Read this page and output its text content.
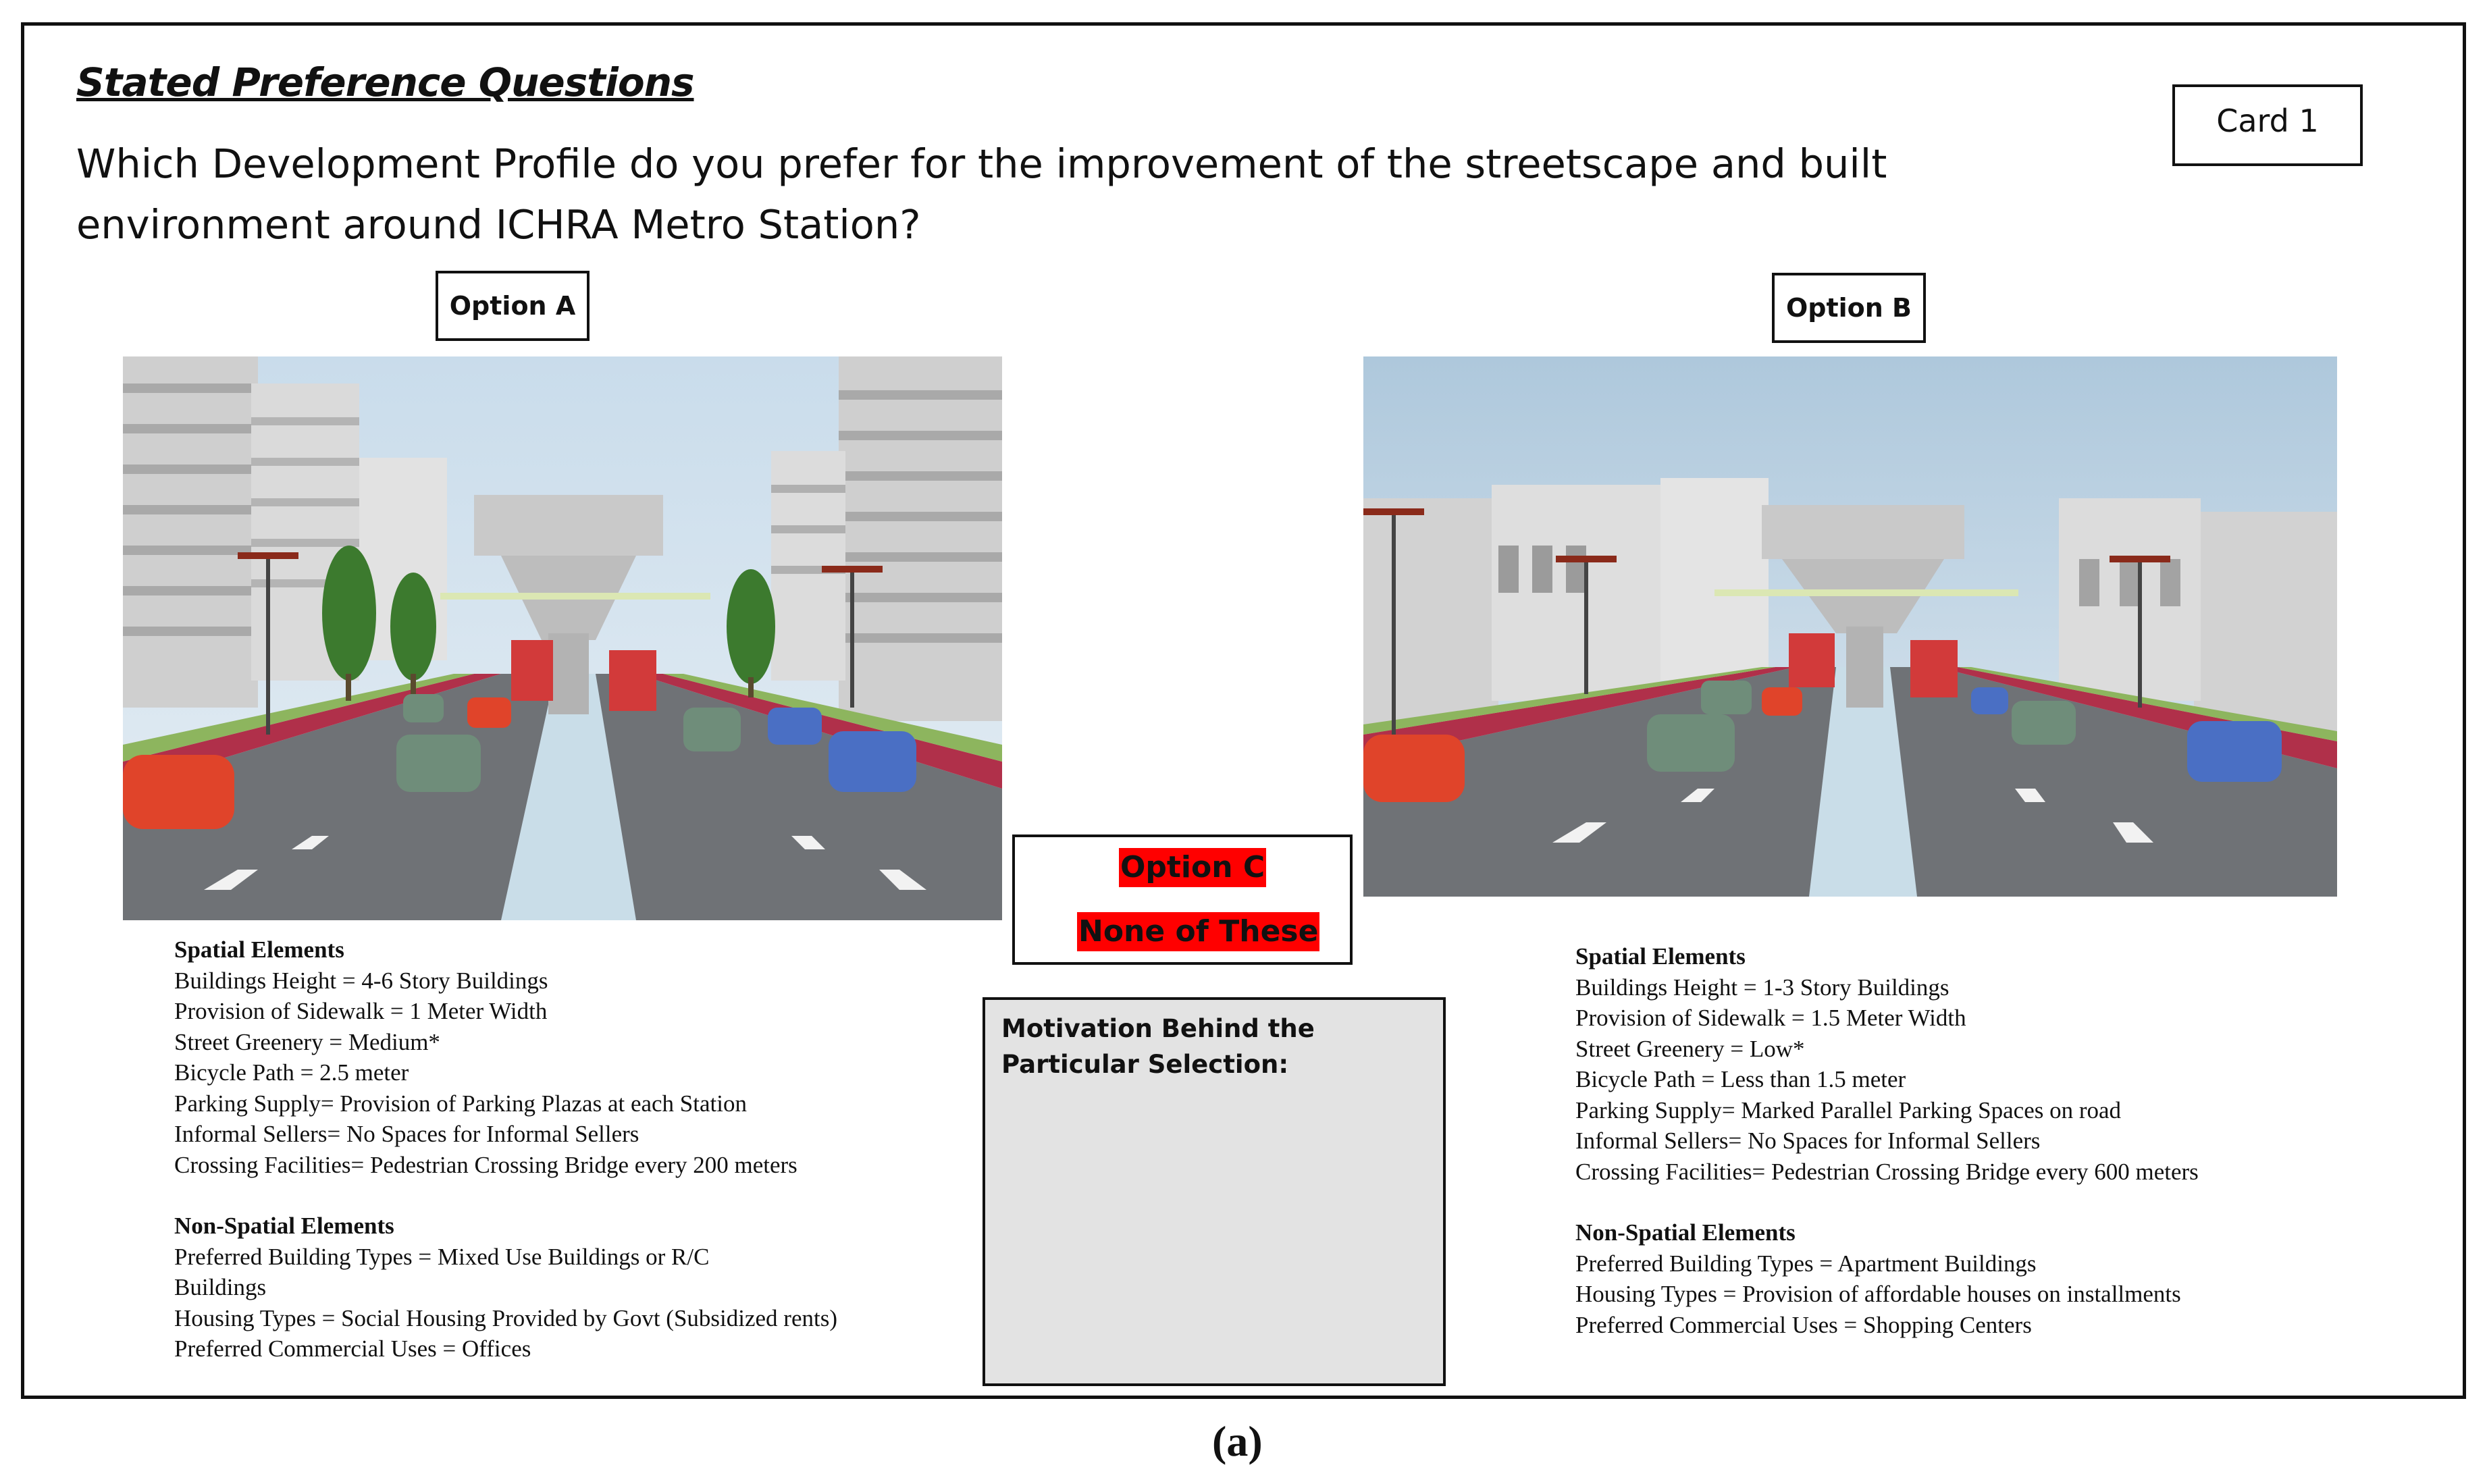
Stated Preference Questions
Which Development Profile do you prefer for the improvement of the streetscape and built environment around ICHRA Metro Station?
Card 1
Option A	Option B
Spatial Elements
Buildings Height = 4-6 Story Buildings
Provision of Sidewalk = 1 Meter Width
Street Greenery = Medium*
Bicycle Path = 2.5 meter
Parking Supply= Provision of Parking Plazas at each Station
Informal Sellers= No Spaces for Informal Sellers
Crossing Facilities= Pedestrian Crossing Bridge every 200 meters
Non-Spatial Elements
Preferred Building Types = Mixed Use Buildings or R/C Buildings
Housing Types = Social Housing Provided by Govt (Subsidized rents)
Preferred Commercial Uses = Offices
Spatial Elements
Buildings Height = 1-3 Story Buildings
Provision of Sidewalk = 1.5 Meter Width
Street Greenery = Low*
Bicycle Path = Less than 1.5 meter
Parking Supply= Marked Parallel Parking Spaces on road
Informal Sellers= No Spaces for Informal Sellers
Crossing Facilities= Pedestrian Crossing Bridge every 600 meters
Non-Spatial Elements
Preferred Building Types = Apartment Buildings
Housing Types = Provision of affordable houses on installments
Preferred Commercial Uses = Shopping Centers
Option C
None of These
Motivation Behind the Particular Selection:
(a)
